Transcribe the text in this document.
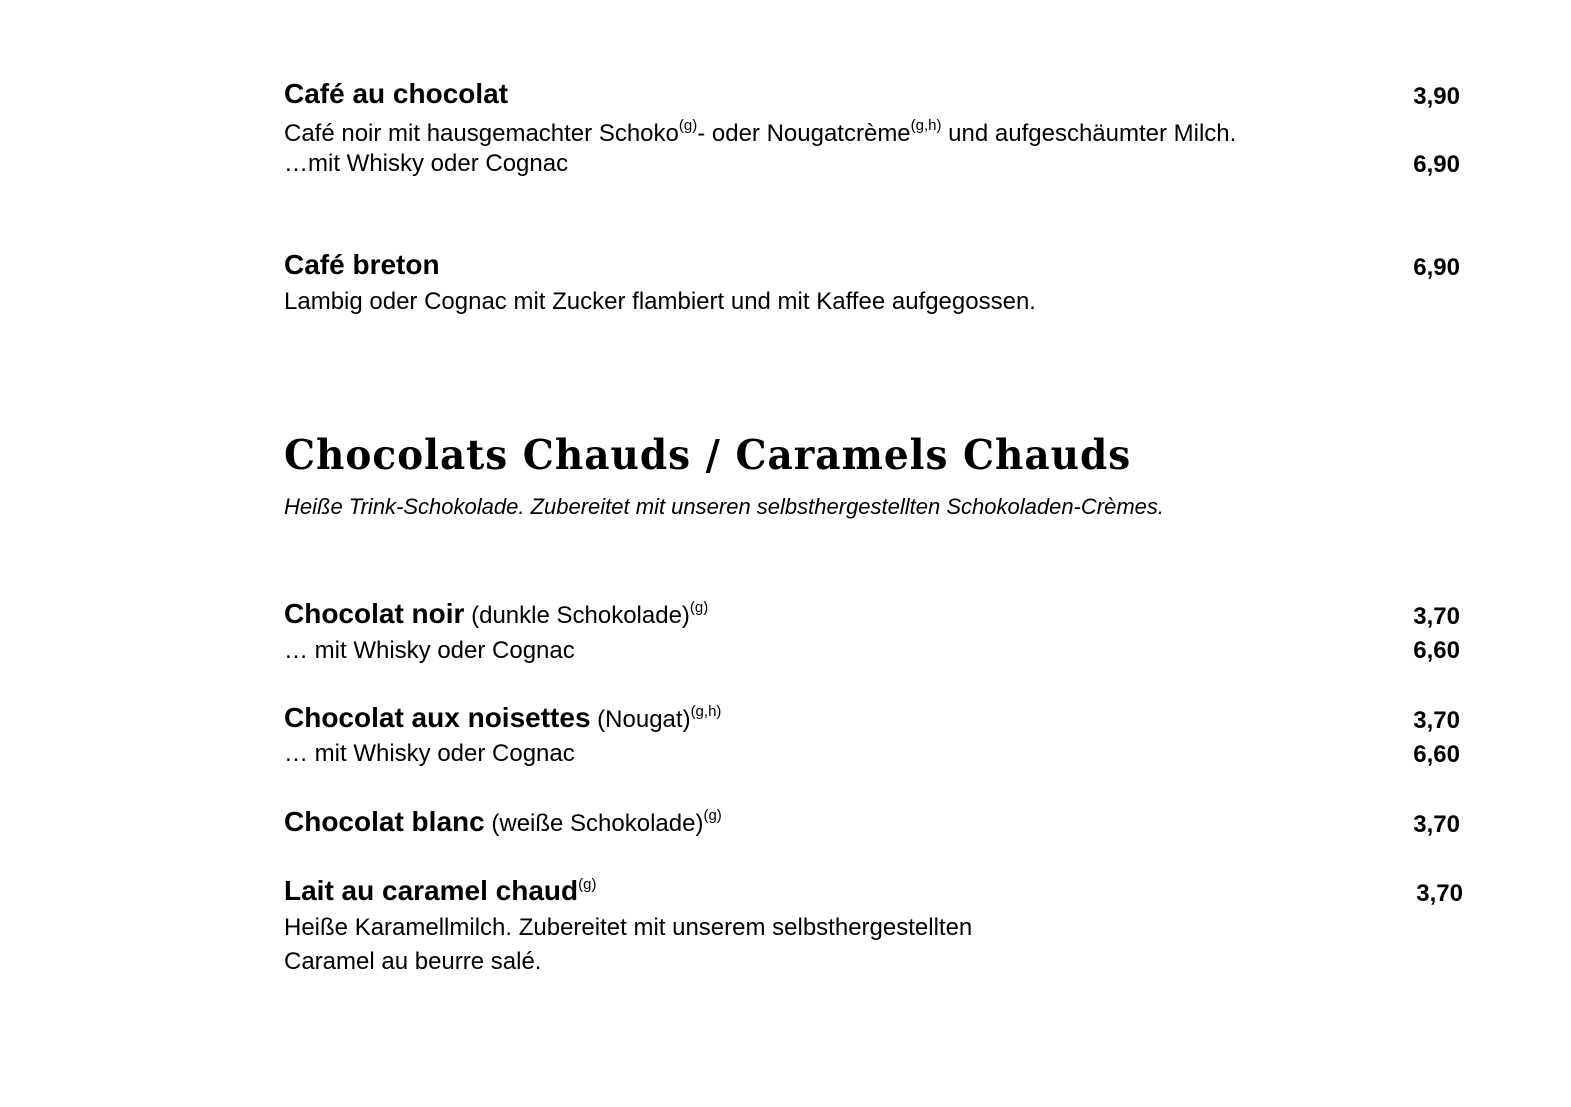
Café au chocolat	3,90
Café noir mit hausgemachter Schoko$^{(g)}$- oder Nougatcrème$^{(g,h)}$ und aufgeschäumter Milch.
…mit Whisky oder Cognac	6,90
Café breton	6,90
Lambig oder Cognac mit Zucker flambiert und mit Kaffee aufgegossen.
Chocolats Chauds / Caramels Chauds
Heiße Trink-Schokolade. Zubereitet mit unseren selbsthergestellten Schokoladen-Crèmes.
Chocolat noir (dunkle Schokolade)$^{(g)}$	3,70
… mit Whisky oder Cognac	6,60
Chocolat aux noisettes (Nougat)$^{(g,h)}$	3,70
… mit Whisky oder Cognac	6,60
Chocolat blanc (weiße Schokolade)$^{(g)}$	3,70
Lait au caramel chaud$^{(g)}$	3,70
Heiße Karamellmilch. Zubereitet mit unserem selbsthergestellten
Caramel au beurre salé.
